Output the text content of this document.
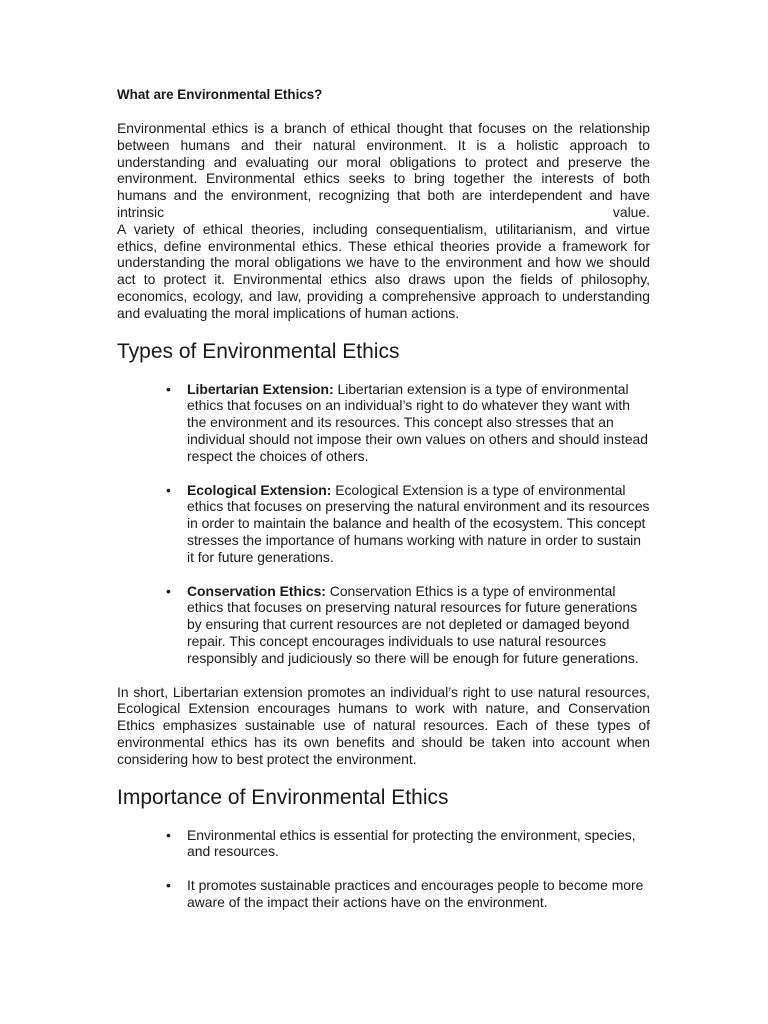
What are Environmental Ethics?

Environmental ethics is a branch of ethical thought that focuses on the relationship between humans and their natural environment. It is a holistic approach to understanding and evaluating our moral obligations to protect and preserve the environment. Environmental ethics seeks to bring together the interests of both humans and the environment, recognizing that both are interdependent and have intrinsic value.

A variety of ethical theories, including consequentialism, utilitarianism, and virtue ethics, define environmental ethics. These ethical theories provide a framework for understanding the moral obligations we have to the environment and how we should act to protect it. Environmental ethics also draws upon the fields of philosophy, economics, ecology, and law, providing a comprehensive approach to understanding and evaluating the moral implications of human actions.

Types of Environmental Ethics
• Libertarian Extension: Libertarian extension is a type of environmental ethics that focuses on an individual’s right to do whatever they want with the environment and its resources. This concept also stresses that an individual should not impose their own values on others and should instead respect the choices of others.
• Ecological Extension: Ecological Extension is a type of environmental ethics that focuses on preserving the natural environment and its resources in order to maintain the balance and health of the ecosystem. This concept stresses the importance of humans working with nature in order to sustain it for future generations.
• Conservation Ethics: Conservation Ethics is a type of environmental ethics that focuses on preserving natural resources for future generations by ensuring that current resources are not depleted or damaged beyond repair. This concept encourages individuals to use natural resources responsibly and judiciously so there will be enough for future generations.

In short, Libertarian extension promotes an individual’s right to use natural resources, Ecological Extension encourages humans to work with nature, and Conservation Ethics emphasizes sustainable use of natural resources. Each of these types of environmental ethics has its own benefits and should be taken into account when considering how to best protect the environment.

Importance of Environmental Ethics
• Environmental ethics is essential for protecting the environment, species, and resources.
• It promotes sustainable practices and encourages people to become more aware of the impact their actions have on the environment.
